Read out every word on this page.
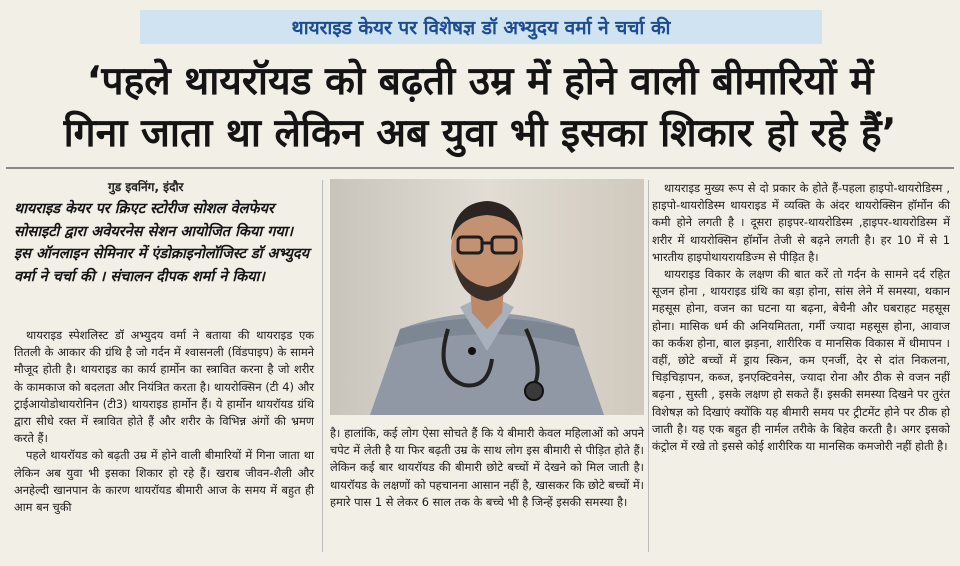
थायराइड केयर पर विशेषज्ञ डॉ अभ्युदय वर्मा ने चर्चा की
‘पहले थायरॉयड को बढ़ती उम्र में होने वाली बीमारियों में
गिना जाता था लेकिन अब युवा भी इसका शिकार हो रहे हैं’
गुड इवनिंग, इंदौर
थायराइड केयर पर क्रिएट स्टोरीज सोशल वेलफेयर सोसाइटी द्वारा अवेयरनेस सेशन आयोजित किया गया। इस ऑनलाइन सेमिनार में एंडोक्राइनोलॉजिस्ट डॉ अभ्युदय वर्मा ने चर्चा की । संचालन दीपक शर्मा ने किया।

थायराइड स्पेशलिस्ट डॉ अभ्युदय वर्मा ने बताया की थायराइड एक तितली के आकार की ग्रंथि है जो गर्दन में श्वासनली (विंडपाइप) के सामने मौजूद होती है। थायराइड का कार्य हार्मोन का स्त्रावित करना है जो शरीर के कामकाज को बदलता और नियंत्रित करता है। थायरोक्सिन (टी 4) और ट्राईआयोडोथायरोनिन (टी3) थायराइड हार्मोन हैं। ये हार्मोन थायरॉयड ग्रंथि द्वारा सीधे रक्त में स्त्रावित होते हैं और शरीर के विभिन्न अंगों की भ्रमण करते हैं।

पहले थायरॉयड को बढ़ती उम्र में होने वाली बीमारियों में गिना जाता था लेकिन अब युवा भी इसका शिकार हो रहे हैं। खराब जीवन-शैली और अनहेल्दी खानपान के कारण थायरॉयड बीमारी आज के समय में बहुत ही आम बन चुकी

है। हालांकि, कई लोग ऐसा सोचते हैं कि ये बीमारी केवल महिलाओं को अपने चपेट में लेती है या फिर बढ़ती उम्र के साथ लोग इस बीमारी से पीड़ित होते हैं। लेकिन कई बार थायरॉयड की बीमारी छोटे बच्चों में देखने को मिल जाती है। थायरॉयड के लक्षणों को पहचानना आसान नहीं है, खासकर कि छोटे बच्चों में। हमारे पास 1 से लेकर 6 साल तक के बच्चे भी है जिन्हें इसकी समस्या है।

थायराइड मुख्य रूप से दो प्रकार के होते हैं-पहला हाइपो-थायरोडिस्म , हाइपो-थायरोडिस्म थायराइड में व्यक्ति के अंदर थायरोक्सिन हॉर्मोन की कमी होने लगती है । दूसरा हाइपर-थायरोडिस्म ,हाइपर-थायरोडिस्म में शरीर में थायरोक्सिन हॉर्मोन तेजी से बढ़ने लगती है। हर 10 में से 1 भारतीय हाइपोथायरायडिज्म से पीड़ित है।

थायराइड विकार के लक्षण की बात करें तो गर्दन के सामने दर्द रहित सूजन होना , थायराइड ग्रंथि का बड़ा होना, सांस लेने में समस्या, थकान महसूस होना, वजन का घटना या बढ़ना, बेचैनी और घबराहट महसूस होना। मासिक धर्म की अनियमितता, गर्मी ज्यादा महसूस होना, आवाज का कर्कश होना, बाल झड़ना, शारीरिक व मानसिक विकास में धीमापन । वहीं, छोटे बच्चों में ड्राय स्किन, कम एनर्जी, देर से दांत निकलना, चिड़चिड़ापन, कब्ज, इनएक्टिवनेस, ज्यादा रोना और ठीक से वजन नहीं बढ़ना , सुस्ती , इसके लक्षण हो सकते हैं। इसकी समस्या दिखने पर तुरंत विशेषज्ञ को दिखाएं क्योंकि यह बीमारी समय पर ट्रीटमेंट होने पर ठीक हो जाती है। यह एक बहुत ही नार्मल तरीके के बिहेव करती है। अगर इसको कंट्रोल में रखे तो इससे कोई शारीरिक या मानसिक कमजोरी नहीं होती है।
